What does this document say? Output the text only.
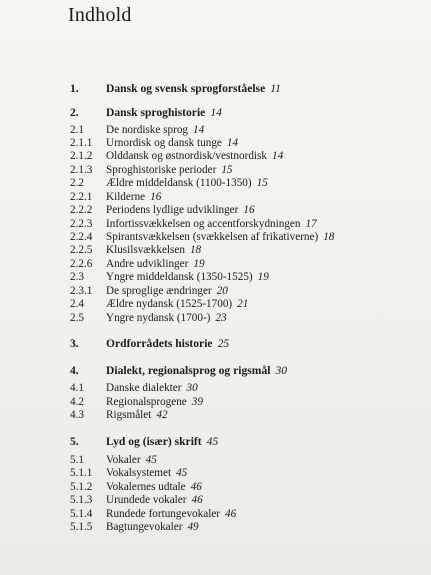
Indhold
1.	Dansk og svensk sprogforståelse 11
2.	Dansk sproghistorie 14
2.1	De nordiske sprog 14
2.1.1	Urnordisk og dansk tunge 14
2.1.2	Olddansk og østnordisk/vestnordisk 14
2.1.3	Sproghistoriske perioder 15
2.2	Ældre middeldansk (1100-1350) 15
2.2.1	Kilderne 16
2.2.2	Periodens lydlige udviklinger 16
2.2.3	Infortissvækkelsen og accentforskydningen 17
2.2.4	Spirantsvækkelsen (svækkelsen af frikativerne) 18
2.2.5	Klusilsvækkelsen 18
2.2.6	Andre udviklinger 19
2.3	Yngre middeldansk (1350-1525) 19
2.3.1	De sproglige ændringer 20
2.4	Ældre nydansk (1525-1700) 21
2.5	Yngre nydansk (1700-) 23
3.	Ordforrådets historie 25
4.	Dialekt, regionalsprog og rigsmål 30
4.1	Danske dialekter 30
4.2	Regionalsprogene 39
4.3	Rigsmålet 42
5.	Lyd og (især) skrift 45
5.1	Vokaler 45
5.1.1	Vokalsystemet 45
5.1.2	Vokalernes udtale 46
5.1.3	Urundede vokaler 46
5.1.4	Rundede fortungevokaler 46
5.1.5	Bagtungevokaler 49
